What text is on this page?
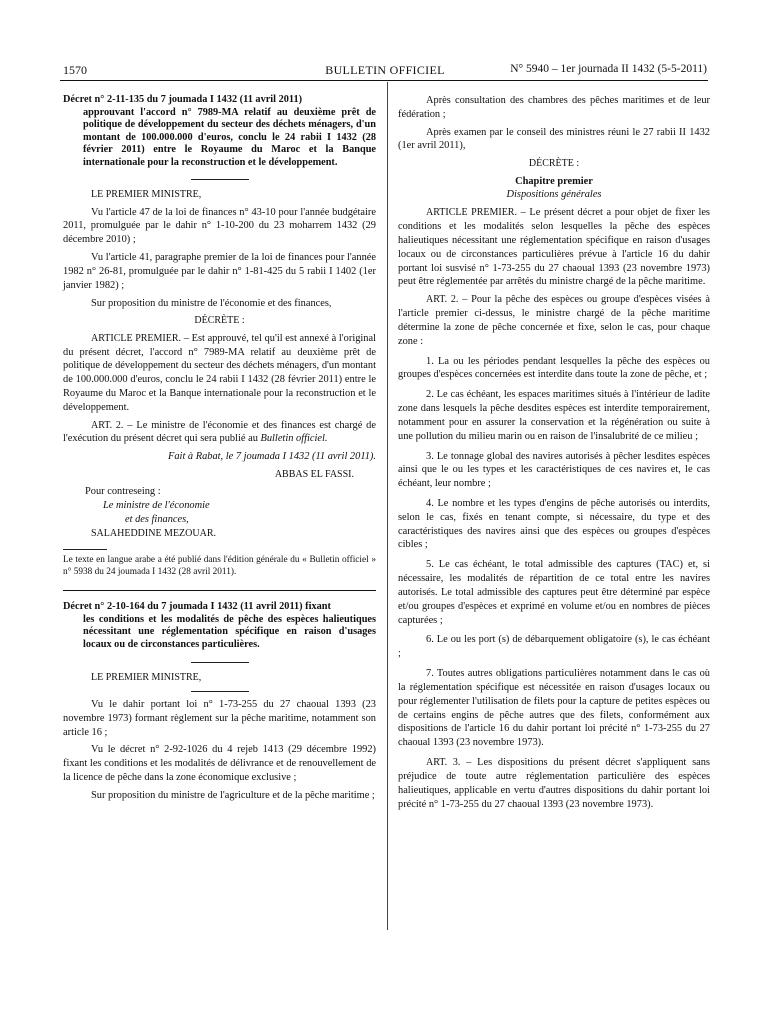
1570	BULLETIN OFFICIEL	N° 5940 – 1er journada II 1432 (5-5-2011)

Décret n° 2-11-135 du 7 joumada I 1432 (11 avril 2011)

approuvant l'accord n° 7989-MA relatif au deuxième prêt de politique de développement du secteur des déchets ménagers, d'un montant de 100.000.000 d'euros, conclu le 24 rabii I 1432 (28 février 2011) entre le Royaume du Maroc et la Banque internationale pour la reconstruction et le développement.

LE PREMIER MINISTRE,

Vu l'article 47 de la loi de finances n° 43-10 pour l'année budgétaire 2011, promulguée par le dahir n° 1-10-200 du 23 moharrem 1432 (29 décembre 2010) ;

Vu l'article 41, paragraphe premier de la loi de finances pour l'année 1982 n° 26-81, promulguée par le dahir n° 1-81-425 du 5 rabii I 1402 (1er janvier 1982) ;

Sur proposition du ministre de l'économie et des finances,

DÉCRÈTE :

ARTICLE PREMIER. – Est approuvé, tel qu'il est annexé à l'original du présent décret, l'accord n° 7989-MA relatif au deuxième prêt de politique de développement du secteur des déchets ménagers, d'un montant de 100.000.000 d'euros, conclu le 24 rabii I 1432 (28 février 2011) entre le Royaume du Maroc et la Banque internationale pour la reconstruction et le développement.

ART. 2. – Le ministre de l'économie et des finances est chargé de l'exécution du présent décret qui sera publié au Bulletin officiel.

Fait à Rabat, le 7 joumada I 1432 (11 avril 2011).

ABBAS EL FASSI.

Pour contreseing :

Le ministre de l'économie

et des finances,

SALAHEDDINE MEZOUAR.

Le texte en langue arabe a été publié dans l'édition générale du « Bulletin officiel » n° 5938 du 24 joumada I 1432 (28 avril 2011).

Décret n° 2-10-164 du 7 joumada I 1432 (11 avril 2011) fixant

les conditions et les modalités de pêche des espèces halieutiques nécessitant une réglementation spécifique en raison d'usages locaux ou de circonstances particulières.

LE PREMIER MINISTRE,

Vu le dahir portant loi n° 1-73-255 du 27 chaoual 1393 (23 novembre 1973) formant règlement sur la pêche maritime, notamment son article 16 ;

Vu le décret n° 2-92-1026 du 4 rejeb 1413 (29 décembre 1992) fixant les conditions et les modalités de délivrance et de renouvellement de la licence de pêche dans la zone économique exclusive ;

Sur proposition du ministre de l'agriculture et de la pêche maritime ;

Après consultation des chambres des pêches maritimes et de leur fédération ;

Après examen par le conseil des ministres réuni le 27 rabii II 1432 (1er avril 2011),

DÉCRÈTE :

Chapitre premier

Dispositions générales

ARTICLE PREMIER. – Le présent décret a pour objet de fixer les conditions et les modalités selon lesquelles la pêche des espèces halieutiques nécessitant une réglementation spécifique en raison d'usages locaux ou de circonstances particulières prévue à l'article 16 du dahir portant loi susvisé n° 1-73-255 du 27 chaoual 1393 (23 novembre 1973) peut être réglementée par arrêtés du ministre chargé de la pêche maritime.

ART. 2. – Pour la pêche des espèces ou groupe d'espèces visées à l'article premier ci-dessus, le ministre chargé de la pêche maritime détermine la zone de pêche concernée et fixe, selon le cas, pour chaque zone :

1. La ou les périodes pendant lesquelles la pêche des espèces ou groupes d'espèces concernées est interdite dans toute la zone de pêche, et ;

2. Le cas échéant, les espaces maritimes situés à l'intérieur de ladite zone dans lesquels la pêche desdites espèces est interdite temporairement, notamment pour en assurer la conservation et la régénération ou suite à une pollution du milieu marin ou en raison de l'insalubrité de ce milieu ;

3. Le tonnage global des navires autorisés à pêcher lesdites espèces ainsi que le ou les types et les caractéristiques de ces navires et, le cas échéant, leur nombre ;

4. Le nombre et les types d'engins de pêche autorisés ou interdits, selon le cas, fixés en tenant compte, si nécessaire, du type et des caractéristiques des navires ainsi que des espèces ou groupes d'espèces cibles ;

5. Le cas échéant, le total admissible des captures (TAC) et, si nécessaire, les modalités de répartition de ce total entre les navires autorisés. Le total admissible des captures peut être déterminé par espèce et/ou groupes d'espèces et exprimé en volume et/ou en nombres de pièces capturées ;

6. Le ou les port (s) de débarquement obligatoire (s), le cas échéant ;

7. Toutes autres obligations particulières notamment dans le cas où la réglementation spécifique est nécessitée en raison d'usages locaux ou pour réglementer l'utilisation de filets pour la capture de petites espèces ou de certains engins de pêche autres que des filets, conformément aux dispositions de l'article 16 du dahir portant loi précité n° 1-73-255 du 27 chaoual 1393 (23 novembre 1973).

ART. 3. – Les dispositions du présent décret s'appliquent sans préjudice de toute autre réglementation particulière des espèces halieutiques, applicable en vertu d'autres dispositions du dahir portant loi précité n° 1-73-255 du 27 chaoual 1393 (23 novembre 1973).
